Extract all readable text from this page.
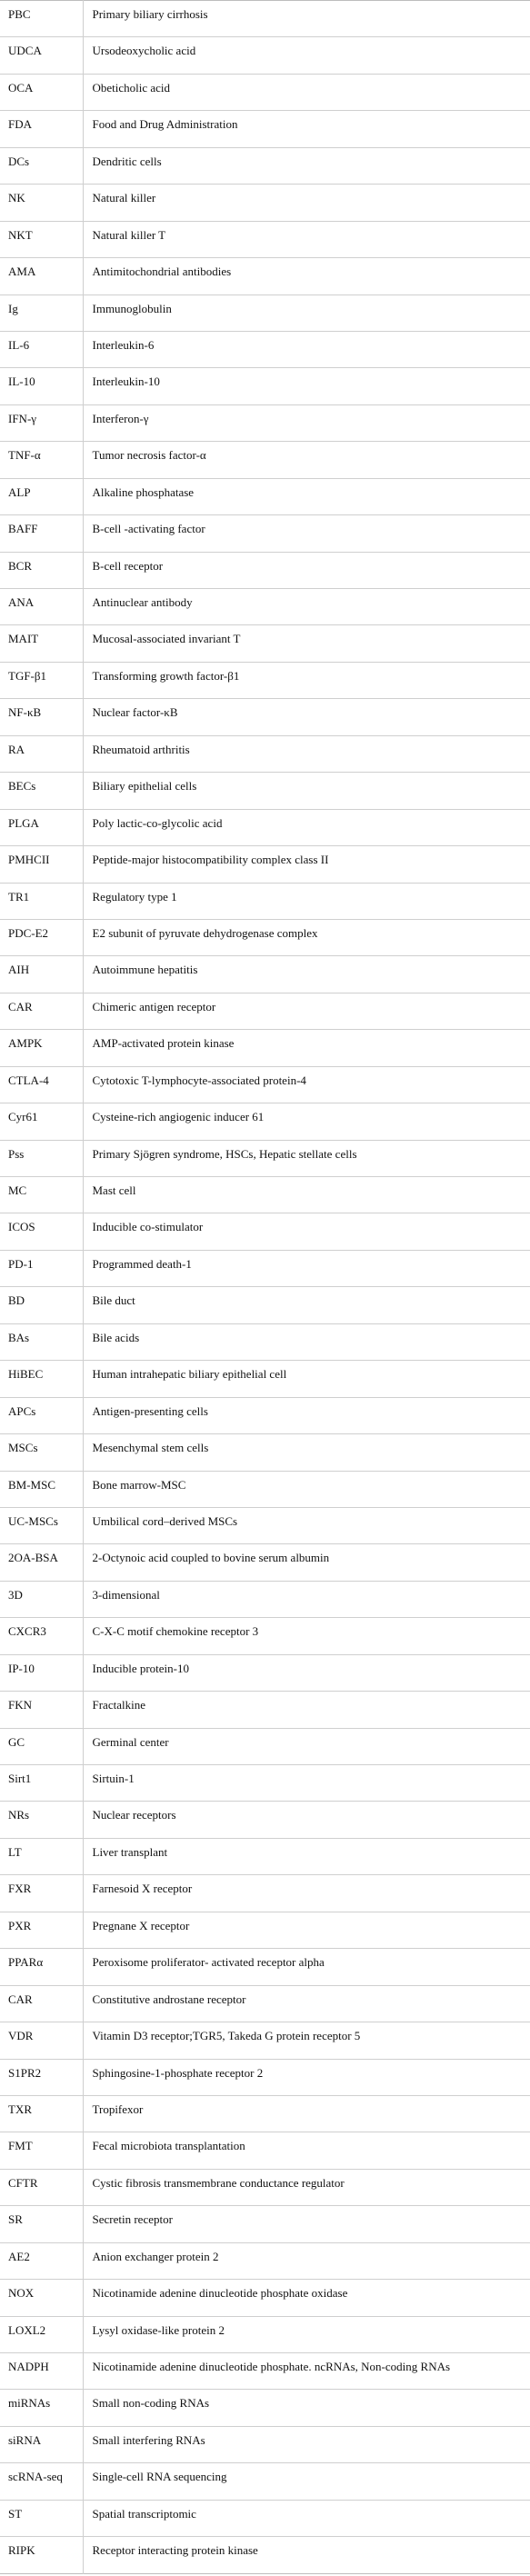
PBC	Primary biliary cirrhosis
UDCA	Ursodeoxycholic acid
OCA	Obeticholic acid
FDA	Food and Drug Administration
DCs	Dendritic cells
NK	Natural killer
NKT	Natural killer T
AMA	Antimitochondrial antibodies
Ig	Immunoglobulin
IL-6	Interleukin-6
IL-10	Interleukin-10
IFN-γ	Interferon-γ
TNF-α	Tumor necrosis factor-α
ALP	Alkaline phosphatase
BAFF	B-cell -activating factor
BCR	B-cell receptor
ANA	Antinuclear antibody
MAIT	Mucosal-associated invariant T
TGF-β1	Transforming growth factor-β1
NF-κB	Nuclear factor-κB
RA	Rheumatoid arthritis
BECs	Biliary epithelial cells
PLGA	Poly lactic-co-glycolic acid
PMHCII	Peptide-major histocompatibility complex class II
TR1	Regulatory type 1
PDC-E2	E2 subunit of pyruvate dehydrogenase complex
AIH	Autoimmune hepatitis
CAR	Chimeric antigen receptor
AMPK	AMP-activated protein kinase
CTLA-4	Cytotoxic T-lymphocyte-associated protein-4
Cyr61	Cysteine-rich angiogenic inducer 61
Pss	Primary Sjögren syndrome, HSCs, Hepatic stellate cells
MC	Mast cell
ICOS	Inducible co-stimulator
PD-1	Programmed death-1
BD	Bile duct
BAs	Bile acids
HiBEC	Human intrahepatic biliary epithelial cell
APCs	Antigen-presenting cells
MSCs	Mesenchymal stem cells
BM-MSC	Bone marrow-MSC
UC-MSCs	Umbilical cord–derived MSCs
2OA-BSA	2-Octynoic acid coupled to bovine serum albumin
3D	3-dimensional
CXCR3	C-X-C motif chemokine receptor 3
IP-10	Inducible protein-10
FKN	Fractalkine
GC	Germinal center
Sirt1	Sirtuin-1
NRs	Nuclear receptors
LT	Liver transplant
FXR	Farnesoid X receptor
PXR	Pregnane X receptor
PPARα	Peroxisome proliferator- activated receptor alpha
CAR	Constitutive androstane receptor
VDR	Vitamin D3 receptor;TGR5, Takeda G protein receptor 5
S1PR2	Sphingosine-1-phosphate receptor 2
TXR	Tropifexor
FMT	Fecal microbiota transplantation
CFTR	Cystic fibrosis transmembrane conductance regulator
SR	Secretin receptor
AE2	Anion exchanger protein 2
NOX	Nicotinamide adenine dinucleotide phosphate oxidase
LOXL2	Lysyl oxidase-like protein 2
NADPH	Nicotinamide adenine dinucleotide phosphate. ncRNAs, Non-coding RNAs
miRNAs	Small non-coding RNAs
siRNA	Small interfering RNAs
scRNA-seq	Single-cell RNA sequencing
ST	Spatial transcriptomic
RIPK	Receptor interacting protein kinase
